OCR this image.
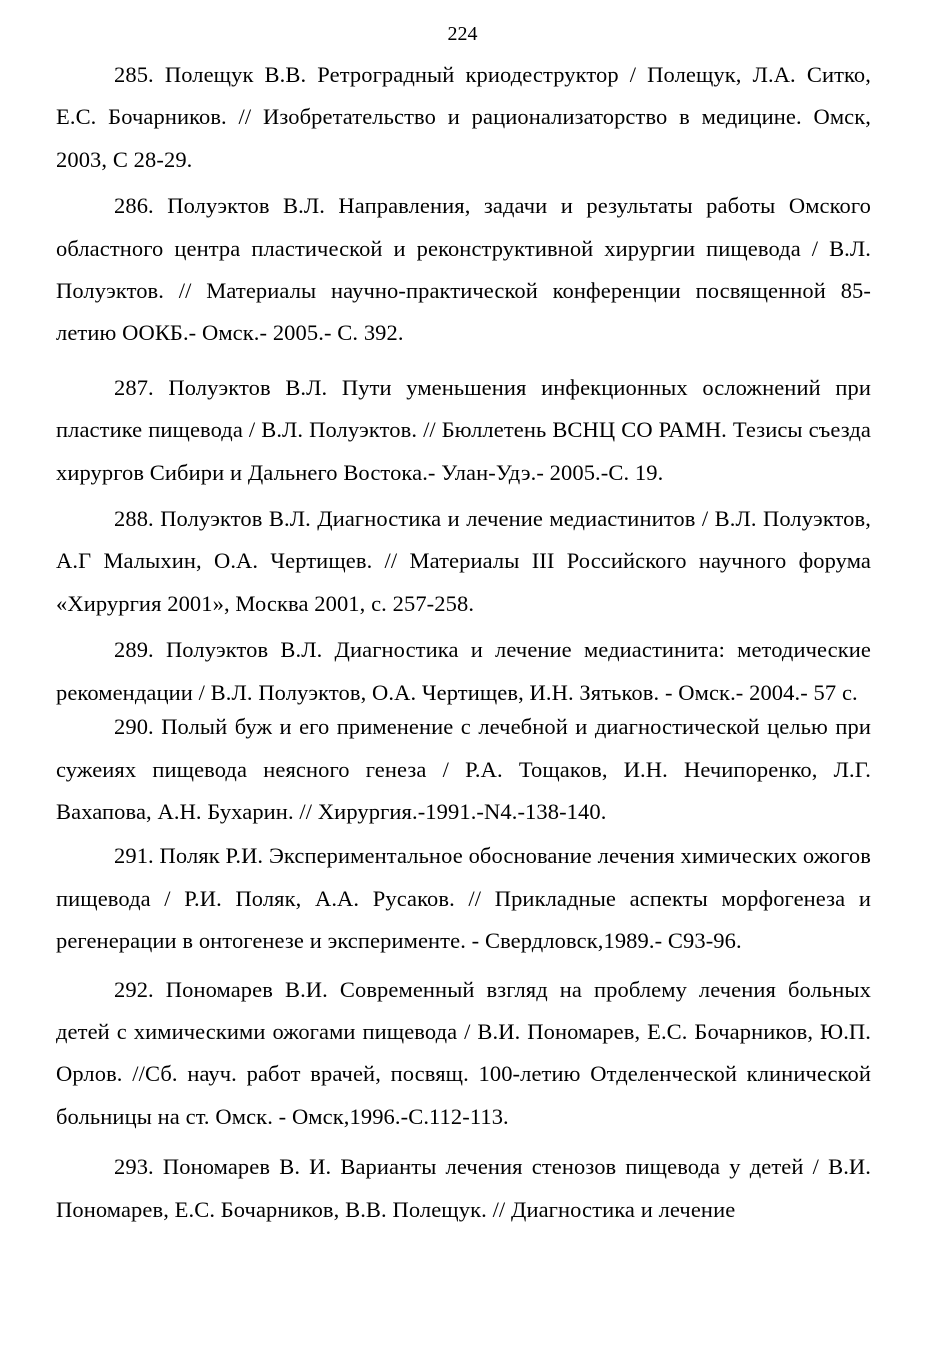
224

285. Полещук В.В. Ретроградный криодеструктор / Полещук, Л.А. Ситко, Е.С. Бочарников. // Изобретательство и рационализаторство в медицине. Омск, 2003, С 28-29.

286. Полуэктов В.Л. Направления, задачи и результаты работы Омского областного центра пластической и реконструктивной хирургии пищевода / В.Л. Полуэктов. // Материалы научно-практической конференции посвященной 85-летию ООКБ.- Омск.- 2005.- С. 392.

287. Полуэктов В.Л. Пути уменьшения инфекционных осложнений при пластике пищевода / В.Л. Полуэктов. // Бюллетень ВСНЦ СО РАМН. Тезисы съезда хирургов Сибири и Дальнего Востока.- Улан-Удэ.- 2005.-С. 19.

288. Полуэктов В.Л. Диагностика и лечение медиастинитов / В.Л. Полуэктов, А.Г Малыхин, О.А. Чертищев. // Материалы III Российского научного форума «Хирургия 2001», Москва 2001, с. 257-258.

289. Полуэктов В.Л. Диагностика и лечение медиастинита: методические рекомендации / В.Л. Полуэктов, О.А. Чертищев, И.Н. Зятьков. - Омск.- 2004.- 57 с.

290. Полый буж и его применение с лечебной и диагностической целью при сужеиях пищевода неясного генеза / Р.А. Тощаков, И.Н. Нечипоренко, Л.Г. Вахапова, А.Н. Бухарин. // Хирургия.-1991.-N4.-138-140.

291. Поляк Р.И. Экспериментальное обоснование лечения химических ожогов пищевода / Р.И. Поляк, А.А. Русаков. // Прикладные аспекты морфогенеза и регенерации в онтогенезе и эксперименте. - Свердловск,1989.- С93-96.

292. Пономарев В.И. Современный взгляд на проблему лечения больных детей с химическими ожогами пищевода / В.И. Пономарев, Е.С. Бочарников, Ю.П. Орлов. //Сб. науч. работ врачей, посвящ. 100-летию Отделенческой клинической больницы на ст. Омск. - Омск,1996.-С.112-113.

293. Пономарев В. И. Варианты лечения стенозов пищевода у детей / В.И. Пономарев, Е.С. Бочарников, В.В. Полещук. // Диагностика и лечение
